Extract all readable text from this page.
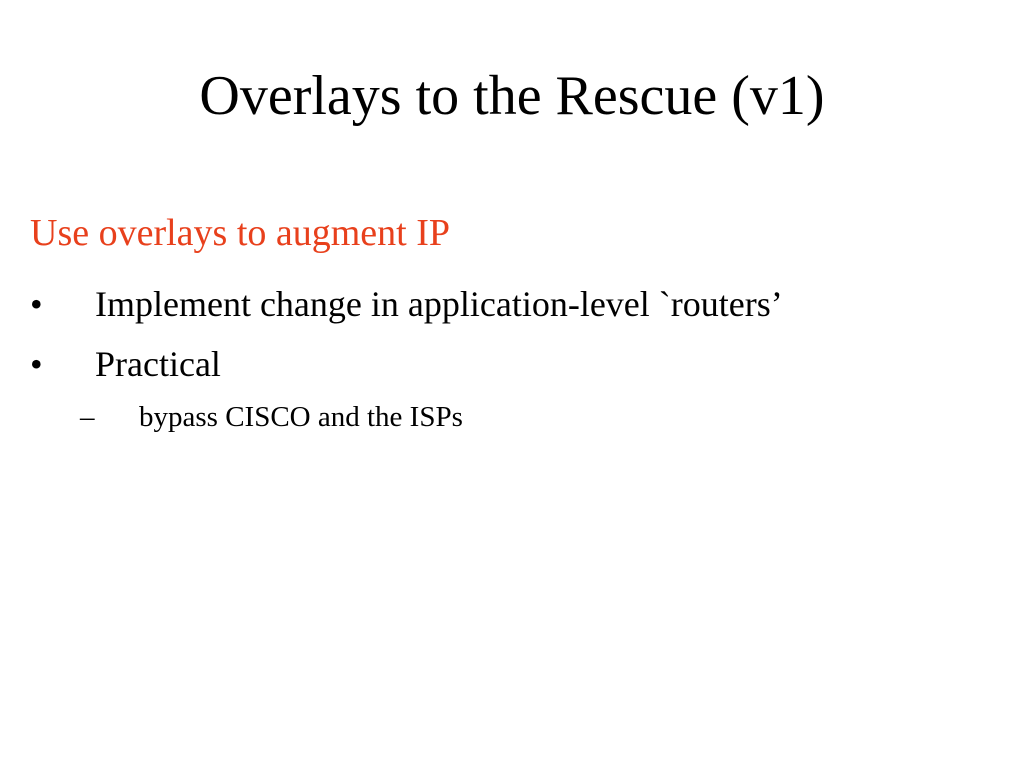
Overlays to the Rescue (v1)
Use overlays to augment IP
• Implement change in application-level `routers’
• Practical
– bypass CISCO and the ISPs
